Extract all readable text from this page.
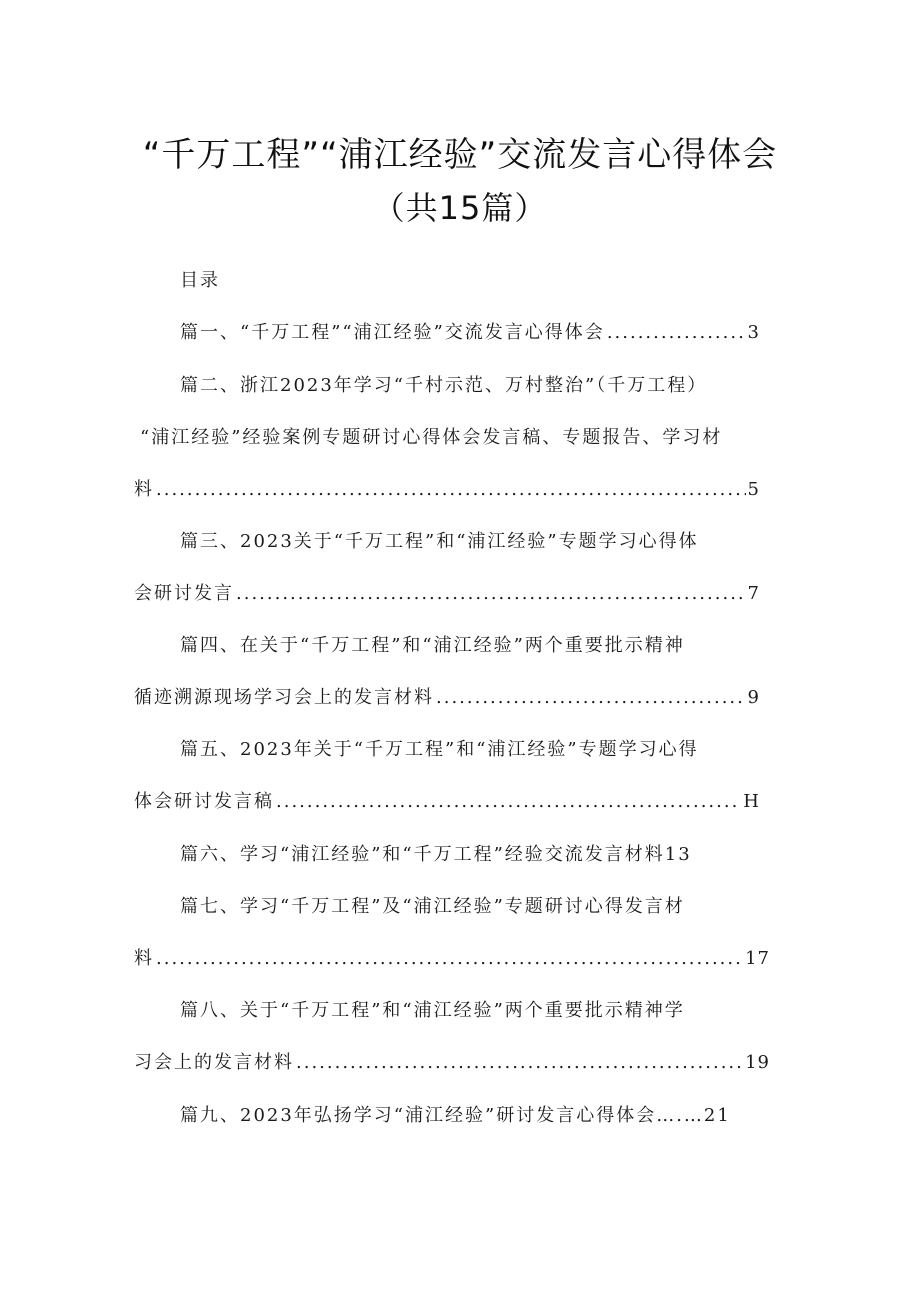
“千万工程”“浦江经验”交流发言心得体会
（共15篇）
目录
篇一、“千万工程”“浦江经验”交流发言心得体会 .....	3
篇二、浙江2023年学习“千村示范、万村整治”（千万工程）
“浦江经验”经验案例专题研讨心得体会发言稿、专题报告、学习材
料 .....	5
篇三、2023关于“千万工程”和“浦江经验”专题学习心得体
会研讨发言 .....	7
篇四、在关于“千万工程”和“浦江经验”两个重要批示精神
循迹溯源现场学习会上的发言材料 .....	9
篇五、2023年关于“千万工程”和“浦江经验”专题学习心得
体会研讨发言稿 .....	H
篇六、学习“浦江经验”和“千万工程”经验交流发言材料13
篇七、学习“千万工程”及“浦江经验”专题研讨心得发言材
料 .....	17
篇八、关于“千万工程”和“浦江经验”两个重要批示精神学
习会上的发言材料 .....	19
篇九、2023年弘扬学习“浦江经验”研讨发言心得体会….…21
